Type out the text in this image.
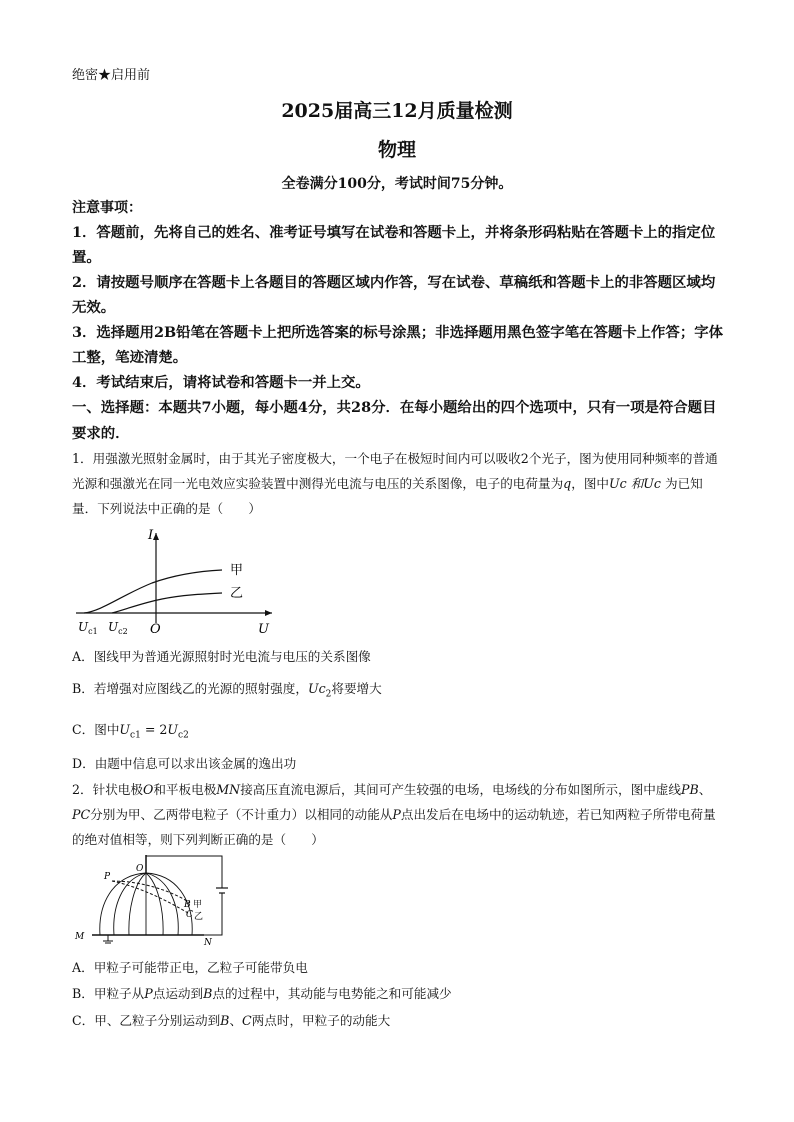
绝密★启用前
2025届高三12月质量检测
物理
全卷满分100分，考试时间75分钟。
注意事项：
1．答题前，先将自己的姓名、准考证号填写在试卷和答题卡上，并将条形码粘贴在答题卡上的指定位置。
2．请按题号顺序在答题卡上各题目的答题区域内作答，写在试卷、草稿纸和答题卡上的非答题区域均无效。
3．选择题用2B铅笔在答题卡上把所选答案的标号涂黑；非选择题用黑色签字笔在答题卡上作答；字体工整，笔迹清楚。
4．考试结束后，请将试卷和答题卡一并上交。
一、选择题：本题共7小题，每小题4分，共28分．在每小题给出的四个选项中，只有一项是符合题目要求的．
1．用强激光照射金属时，由于其光子密度极大，一个电子在极短时间内可以吸收2个光子，图为使用同种频率的普通光源和强激光在同一光电效应实验装置中测得光电流与电压的关系图像，电子的电荷量为q，图中Uc 和Uc 为已知量．下列说法中正确的是（　　）
I
U
O
甲
乙
$U_{c1}$ $U_{c2}$
A．图线甲为普通光源照射时光电流与电压的关系图像
B．若增强对应图线乙的光源的照射强度，$Uc_2$将要增大
C．图中$U_{c1} = 2U_{c2}$
D．由题中信息可以求出该金属的逸出功
2．针状电极O和平板电极MN接高压直流电源后，其间可产生较强的电场，电场线的分布如图所示，图中虚线PB、PC分别为甲、乙两带电粒子（不计重力）以相同的动能从P点出发后在电场中的运动轨迹，若已知两粒子所带电荷量的绝对值相等，则下列判断正确的是（　　）
P
O
B
C
甲
乙
M
N
A．甲粒子可能带正电，乙粒子可能带负电
B．甲粒子从P点运动到B点的过程中，其动能与电势能之和可能减少
C．甲、乙粒子分别运动到B、C两点时，甲粒子的动能大
